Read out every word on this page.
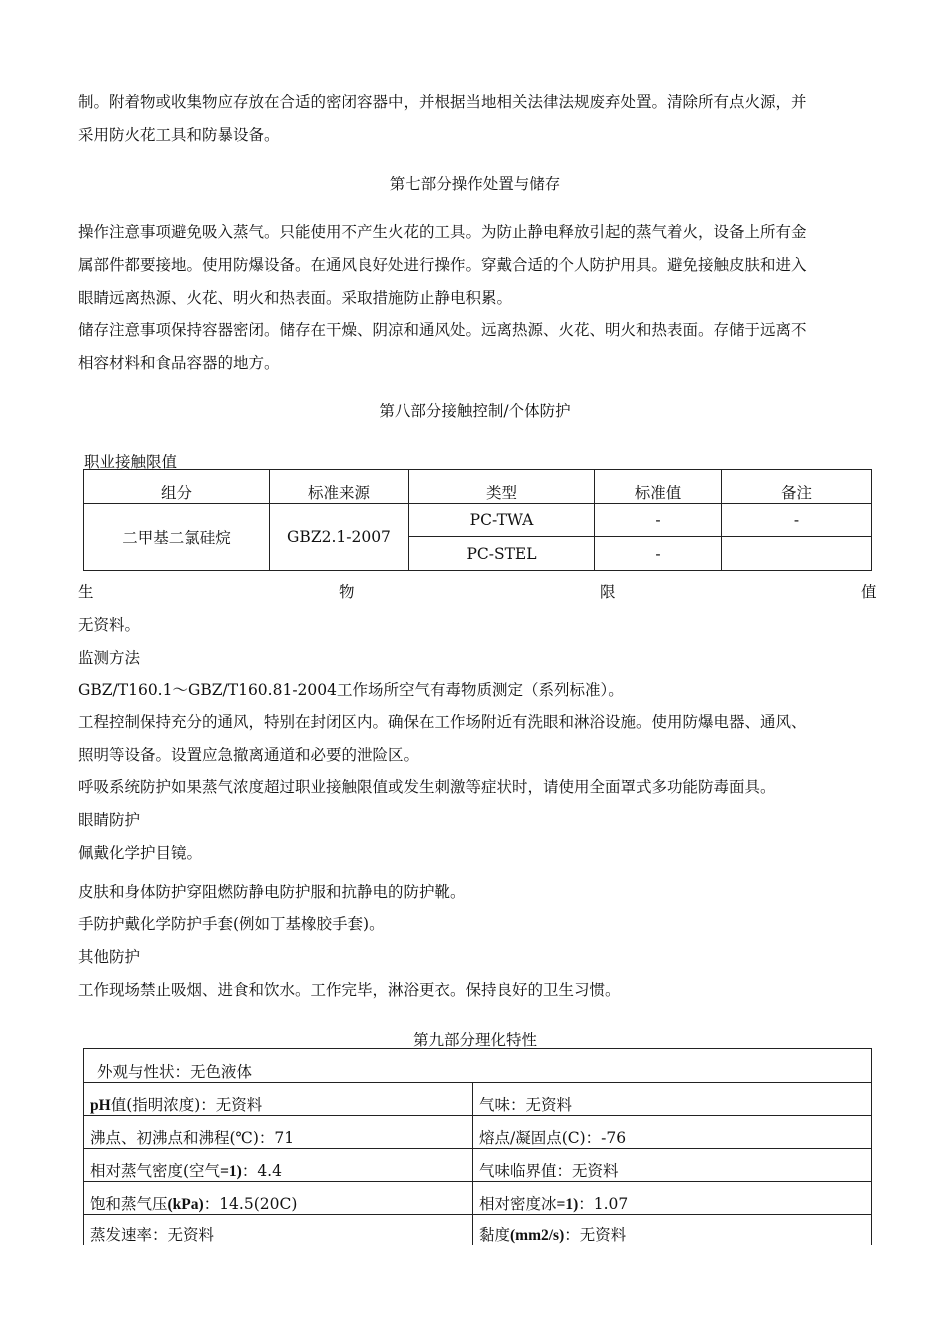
制。附着物或收集物应存放在合适的密闭容器中，并根据当地相关法律法规废弃处置。清除所有点火源，并
采用防火花工具和防暴设备。
第七部分操作处置与储存
操作注意事项避免吸入蒸气。只能使用不产生火花的工具。为防止静电释放引起的蒸气着火，设备上所有金
属部件都要接地。使用防爆设备。在通风良好处进行操作。穿戴合适的个人防护用具。避免接触皮肤和进入
眼睛远离热源、火花、明火和热表面。采取措施防止静电积累。
储存注意事项保持容器密闭。储存在干燥、阴凉和通风处。远离热源、火花、明火和热表面。存储于远离不
相容材料和食品容器的地方。
第八部分接触控制/个体防护
职业接触限值
组分	标准来源	类型	标准值	备注
二甲基二氯硅烷	GBZ2.1-2007	PC-TWA	-	-
		PC-STEL	-	
生	物	限	值
无资料。
监测方法
GBZ/T160.1〜GBZ/T160.81-2004工作场所空气有毒物质测定（系列标准）。
工程控制保持充分的通风，特别在封闭区内。确保在工作场附近有洗眼和淋浴设施。使用防爆电器、通风、
照明等设备。设置应急撤离通道和必要的泄险区。
呼吸系统防护如果蒸气浓度超过职业接触限值或发生刺激等症状时，请使用全面罩式多功能防毒面具。
眼睛防护
佩戴化学护目镜。
皮肤和身体防护穿阻燃防静电防护服和抗静电的防护靴。
手防护戴化学防护手套(例如丁基橡胶手套)。
其他防护
工作现场禁止吸烟、进食和饮水。工作完毕，淋浴更衣。保持良好的卫生习惯。
第九部分理化特性
外观与性状：无色液体	
pH值(指明浓度)：无资料	气味：无资料
沸点、初沸点和沸程(℃)：71	熔点/凝固点(C)：-76
相对蒸气密度(空气=1)：4.4	气味临界值：无资料
饱和蒸气压(kPa)：14.5(20C)	相对密度冰=1)：1.07
蒸发速率：无资料	黏度(mm2/s)：无资料
